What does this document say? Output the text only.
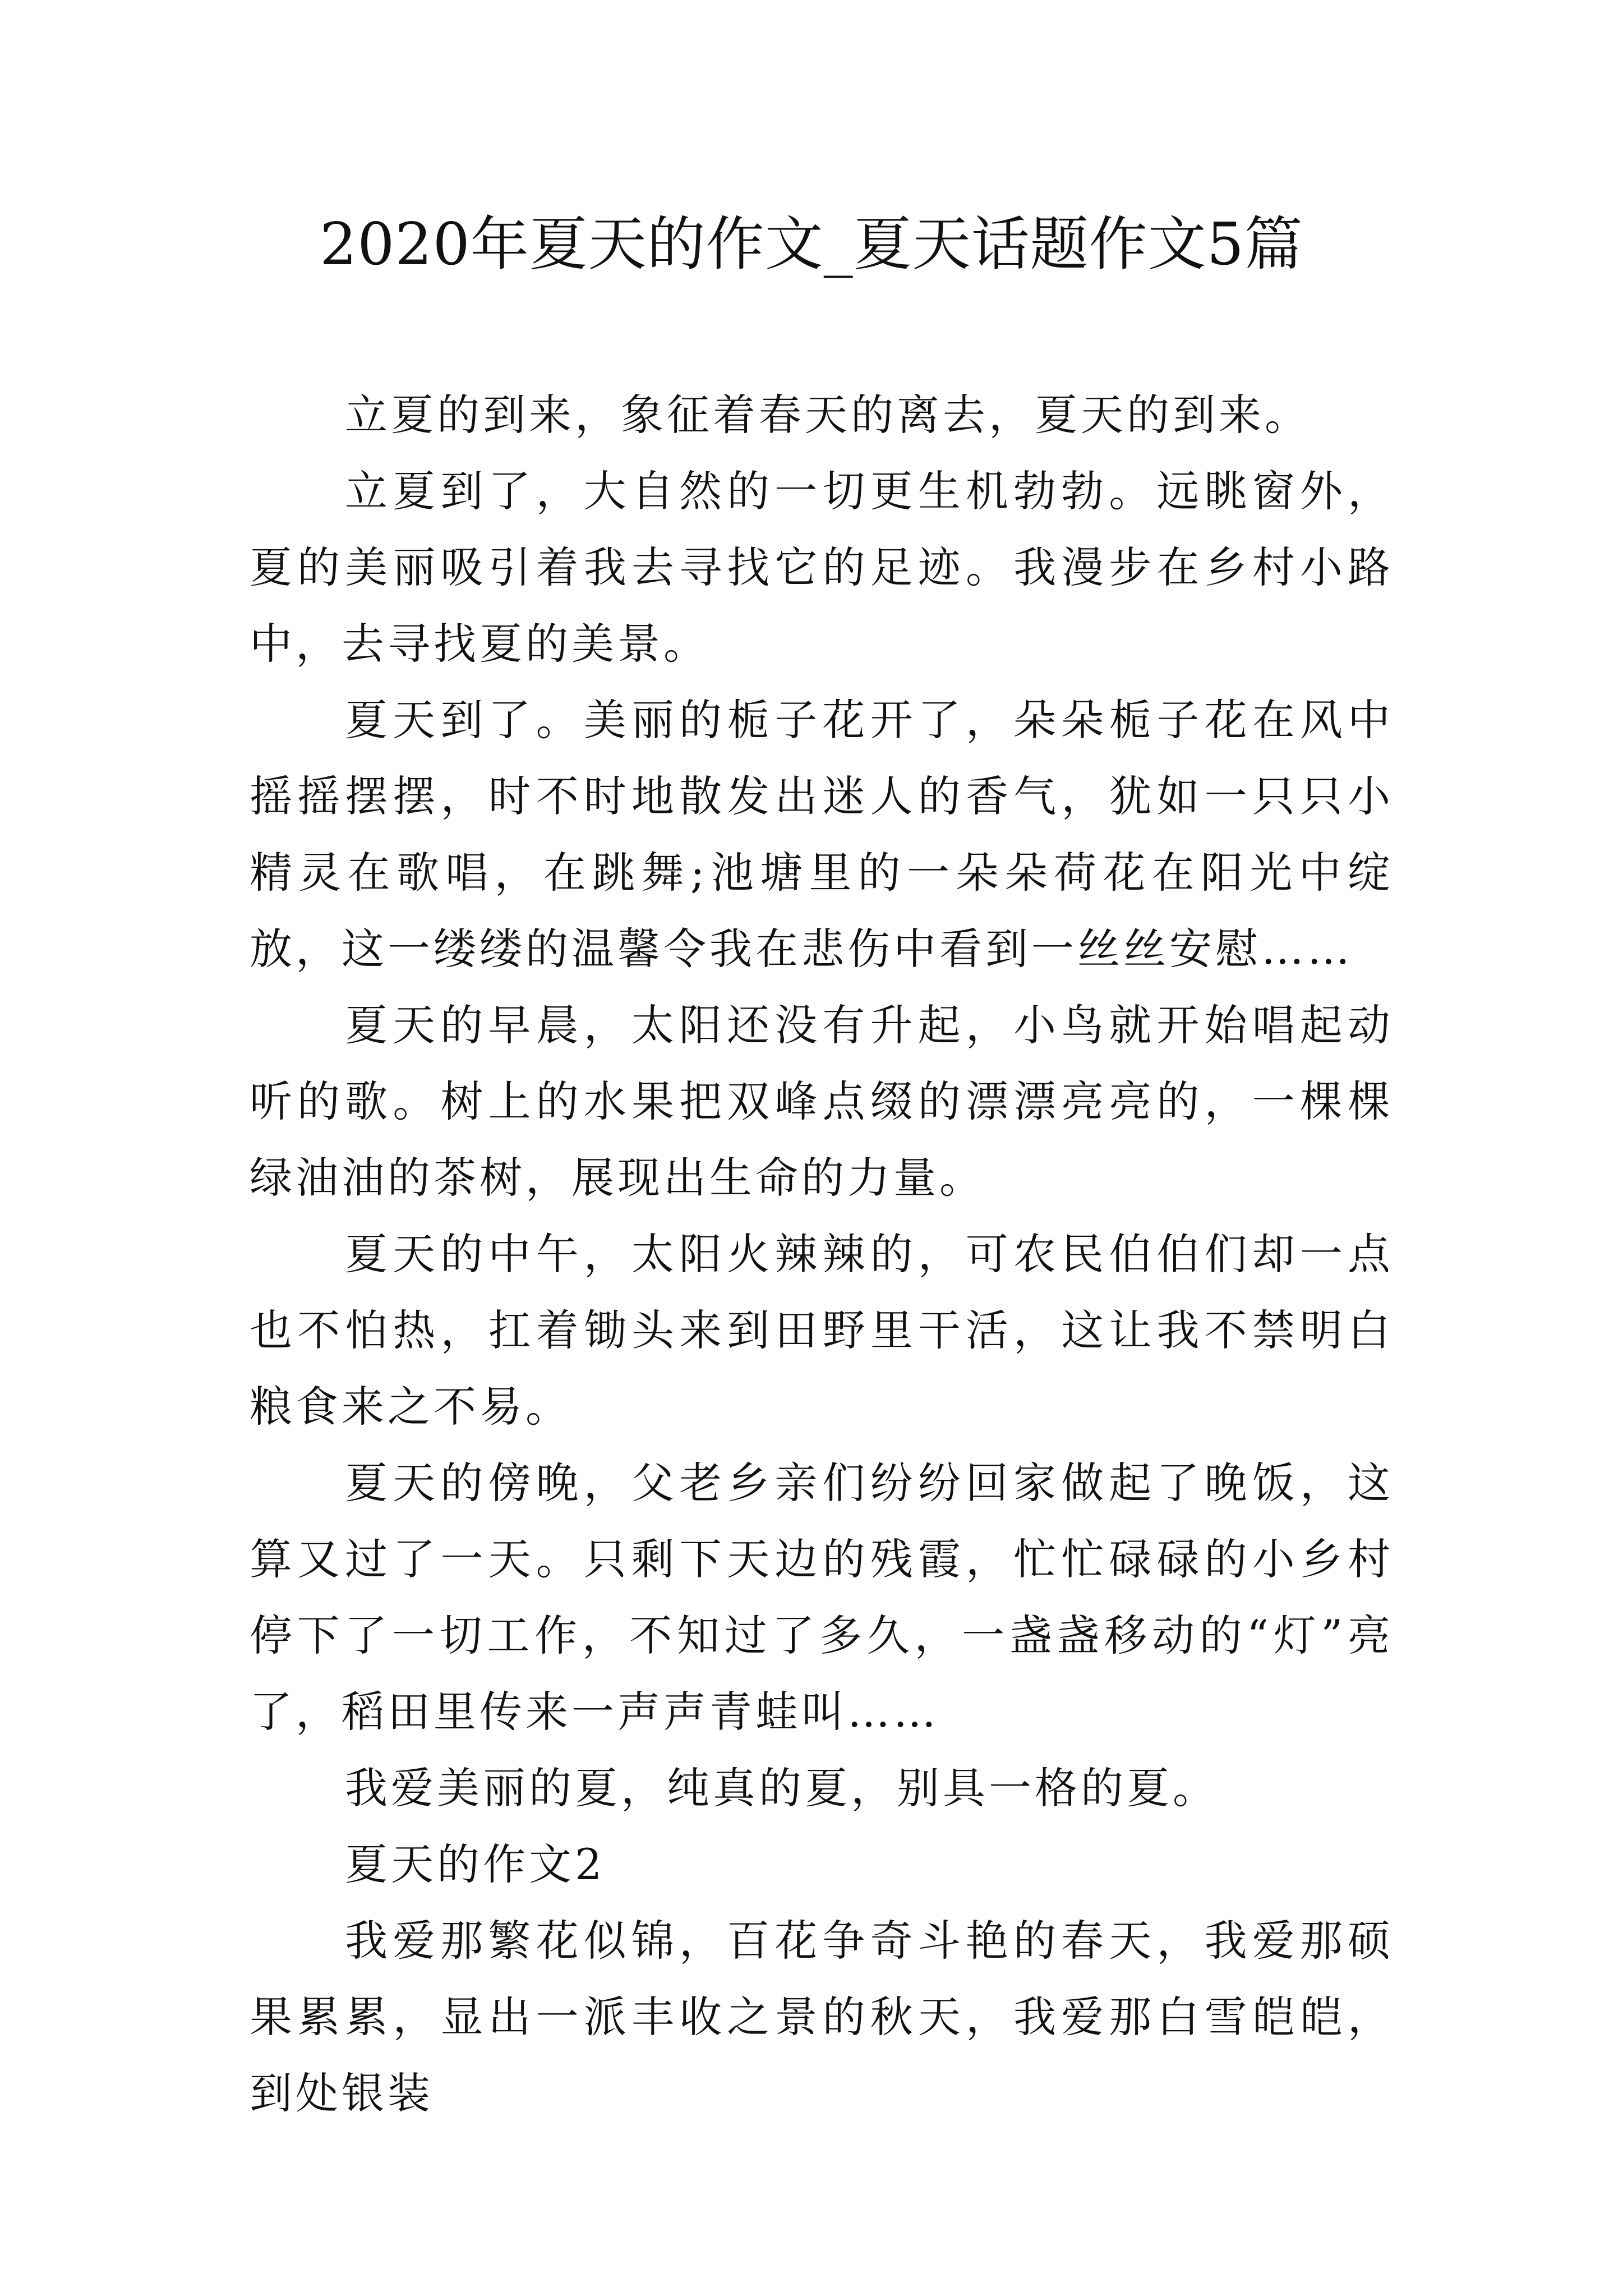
2020年夏天的作文_夏天话题作文5篇

立夏的到来，象征着春天的离去，夏天的到来。

立夏到了，大自然的一切更生机勃勃。远眺窗外，夏的美丽吸引着我去寻找它的足迹。我漫步在乡村小路中，去寻找夏的美景。

夏天到了。美丽的栀子花开了，朵朵栀子花在风中摇摇摆摆，时不时地散发出迷人的香气，犹如一只只小精灵在歌唱，在跳舞;池塘里的一朵朵荷花在阳光中绽放，这一缕缕的温馨令我在悲伤中看到一丝丝安慰……

夏天的早晨，太阳还没有升起，小鸟就开始唱起动听的歌。树上的水果把双峰点缀的漂漂亮亮的，一棵棵绿油油的茶树，展现出生命的力量。

夏天的中午，太阳火辣辣的，可农民伯伯们却一点也不怕热，扛着锄头来到田野里干活，这让我不禁明白粮食来之不易。

夏天的傍晚，父老乡亲们纷纷回家做起了晚饭，这算又过了一天。只剩下天边的残霞，忙忙碌碌的小乡村停下了一切工作，不知过了多久，一盏盏移动的“灯”亮了，稻田里传来一声声青蛙叫……

我爱美丽的夏，纯真的夏，别具一格的夏。

夏天的作文2

我爱那繁花似锦，百花争奇斗艳的春天，我爱那硕果累累，显出一派丰收之景的秋天，我爱那白雪皑皑，到处银装
